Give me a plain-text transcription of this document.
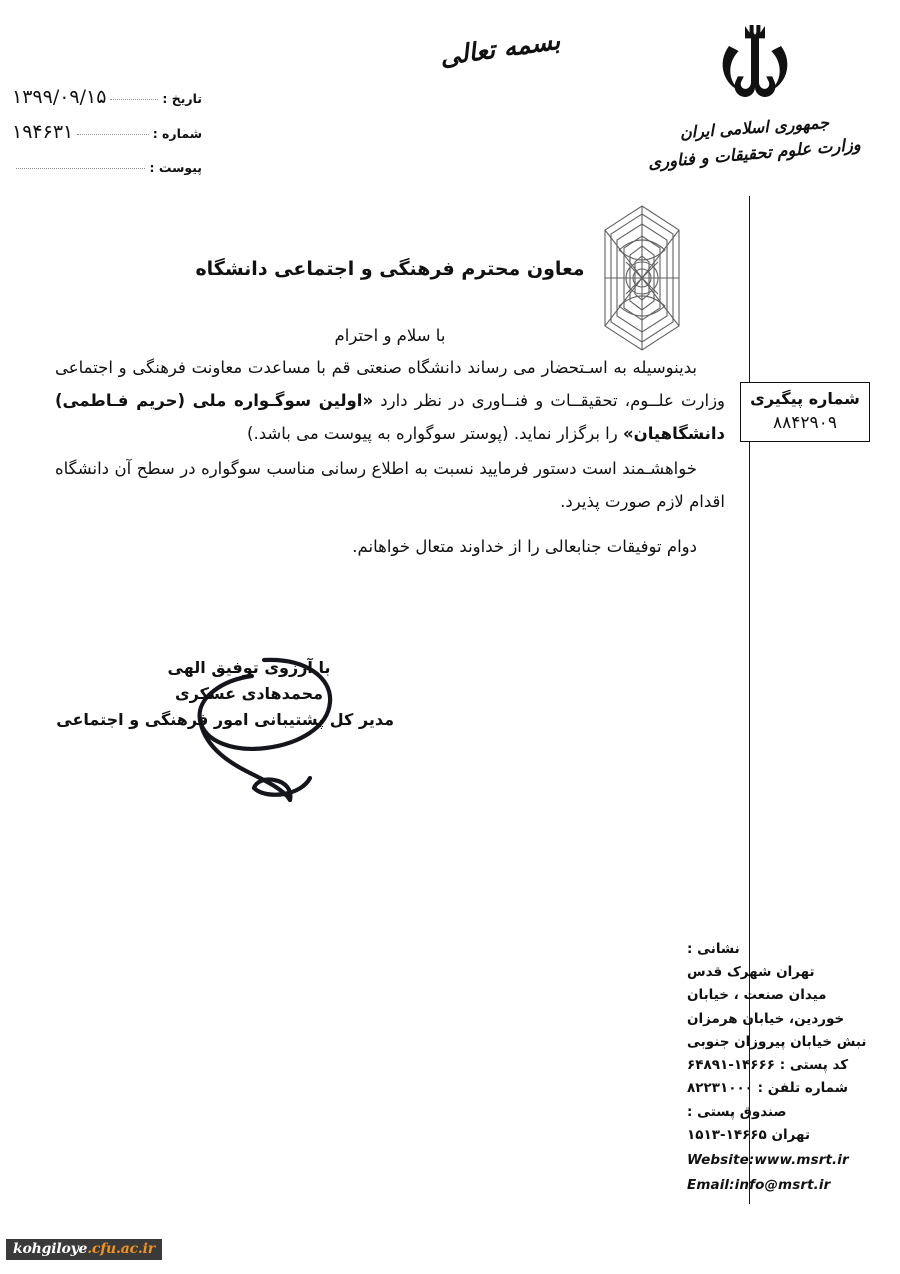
بسمه تعالی
جمهوری اسلامی ایران
وزارت علوم تحقیقات و فناوری
تاریخ :
۱۳۹۹/۰۹/۱۵
شماره :
۱۹۴۶۳۱
پیوست :
شماره پیگیری
۸۸۴۲۹۰۹
معاون محترم فرهنگی و اجتماعی دانشگاه
با سلام و احترام

بدینوسیله به اسـتحضار می رساند دانشگاه صنعتی قم با مساعدت معاونت فرهنگی و اجتماعی وزارت علــوم، تحقیقــات و فنــاوری در نظر دارد «اولین سوگـواره ملی (حریم فـاطمی) دانشگاهیان» را برگزار نماید. (پوستر سوگواره به پیوست می باشد.)

خواهشـمند است دستور فرمایید نسبت به اطلاع رسانی مناسب سوگواره در سطح آن دانشگاه اقدام لازم صورت پذیرد.

دوام توفیقات جنابعالی را از خداوند متعال خواهانم.

با آرزوی توفیق الهی
محمدهادی عسکری
مدیر کل پشتیبانی امور فرهنگی و اجتماعی
نشانی :
تهران شهرک قدس
میدان صنعت ، خیابان
خوردین، خیابان هرمزان
نبش خیابان پیروزان جنوبی
کد پستی : ۱۴۶۶۶-۶۴۸۹۱
شماره تلفن : ۸۲۲۳۱۰۰۰
صندوق پستی :
تهران ۱۴۶۶۵-۱۵۱۳
Website:www.msrt.ir
Email:info@msrt.ir
kohgiloye.cfu.ac.ir
